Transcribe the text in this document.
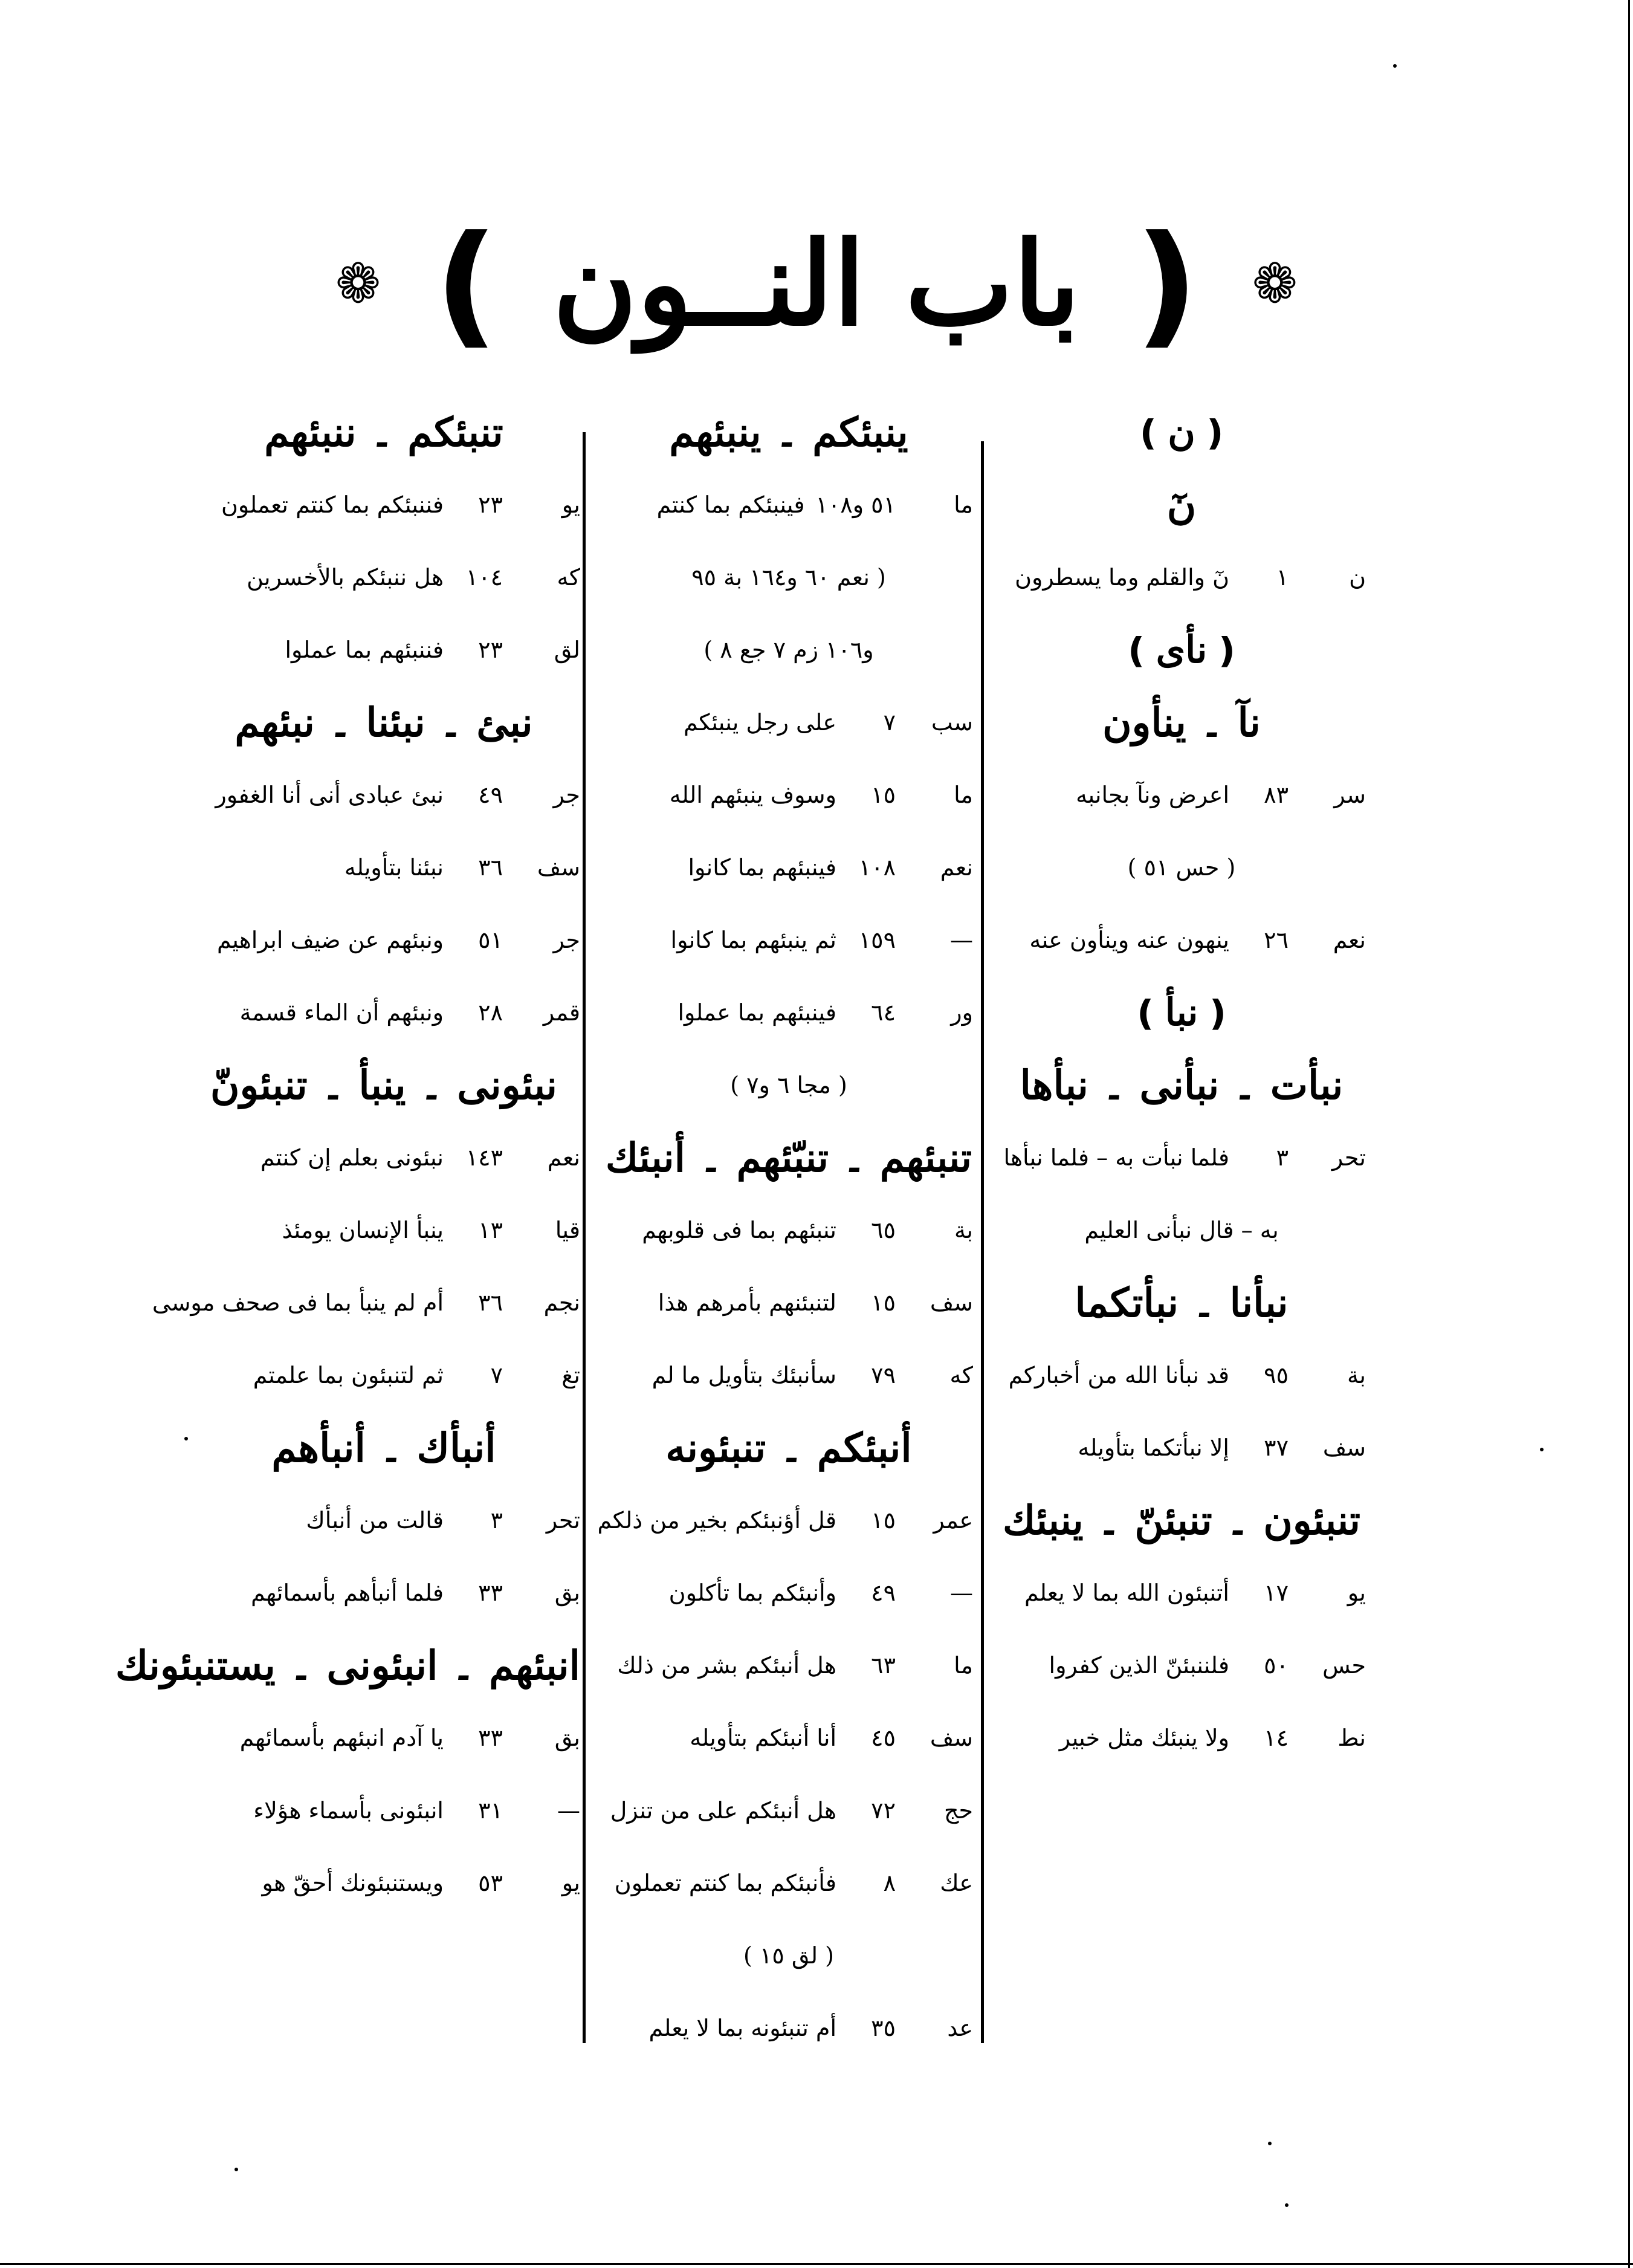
❁
❪
باب النــون
❫
❁
❪ن❫
نٓ
ن
١
نٓ والقلم وما يسطرون
❪نأى❫
نآ ۔ ينأون
سر
٨٣
اعرض ونآ بجانبه
( حس ٥١ )
نعم
٢٦
ينهون عنه وينأون عنه
❪نبأ❫
نبأت ۔ نبأنى ۔ نبأها
تحر
٣
فلما نبأت به – فلما نبأها
به – قال نبأنى العليم
نبأنا ۔ نبأتكما
بة
٩٥
قد نبأنا الله من أخباركم
سف
٣٧
إلا نبأتكما بتأويله
تنبئون ۔ تنبئنّ ۔ ينبئك
يو
١٧
أتنبئون الله بما لا يعلم
حس
٥٠
فلننبئنّ الذين كفروا
نط
١٤
ولا ينبئك مثل خبير
ينبئكم ۔ ينبئهم
ما
٥١ و١٠٨
فينبئكم بما كنتم
( نعم ٦٠ و١٦٤ بة ٩٥
و١٠٦ زم ٧ جع ٨ )
سب
٧
على رجل ينبئكم
ما
١٥
وسوف ينبئهم الله
نعم
١٠٨
فينبئهم بما كانوا
—
١٥٩
ثم ينبئهم بما كانوا
ور
٦٤
فينبئهم بما عملوا
( مجا ٦ و٧ )
تنبئهم ۔ تنبّئهم ۔ أنبئك
بة
٦٥
تنبئهم بما فى قلوبهم
سف
١٥
لتنبئنهم بأمرهم هذا
كه
٧٩
سأنبئك بتأويل ما لم
أنبئكم ۔ تنبئونه
عمر
١٥
قل أؤنبئكم بخير من ذلكم
—
٤٩
وأنبئكم بما تأكلون
ما
٦٣
هل أنبئكم بشر من ذلك
سف
٤٥
أنا أنبئكم بتأويله
حج
٧٢
هل أنبئكم على من تنزل
عك
٨
فأنبئكم بما كنتم تعملون
( لق ١٥ )
عد
٣٥
أم تنبئونه بما لا يعلم
تنبئكم ۔ ننبئهم
يو
٢٣
فننبئكم بما كنتم تعملون
كه
١٠٤
هل ننبئكم بالأخسرين
لق
٢٣
فننبئهم بما عملوا
نبئ ۔ نبئنا ۔ نبئهم
جر
٤٩
نبئ عبادى أنى أنا الغفور
سف
٣٦
نبئنا بتأويله
جر
٥١
ونبئهم عن ضيف ابراهيم
قمر
٢٨
ونبئهم أن الماء قسمة
نبئونى ۔ ينبأ ۔ تنبئونّ
نعم
١٤٣
نبئونى بعلم إن كنتم
قيا
١٣
ينبأ الإنسان يومئذ
نجم
٣٦
أم لم ينبأ بما فى صحف موسى
تغ
٧
ثم لتنبئون بما علمتم
أنبأك ۔ أنبأهم
تحر
٣
قالت من أنبأك
بق
٣٣
فلما أنبأهم بأسمائهم
انبئهم ۔ انبئونى ۔ يستنبئونك
بق
٣٣
يا آدم انبئهم بأسمائهم
—
٣١
انبئونى بأسماء هؤلاء
يو
٥٣
ويستنبئونك أحقّ هو
